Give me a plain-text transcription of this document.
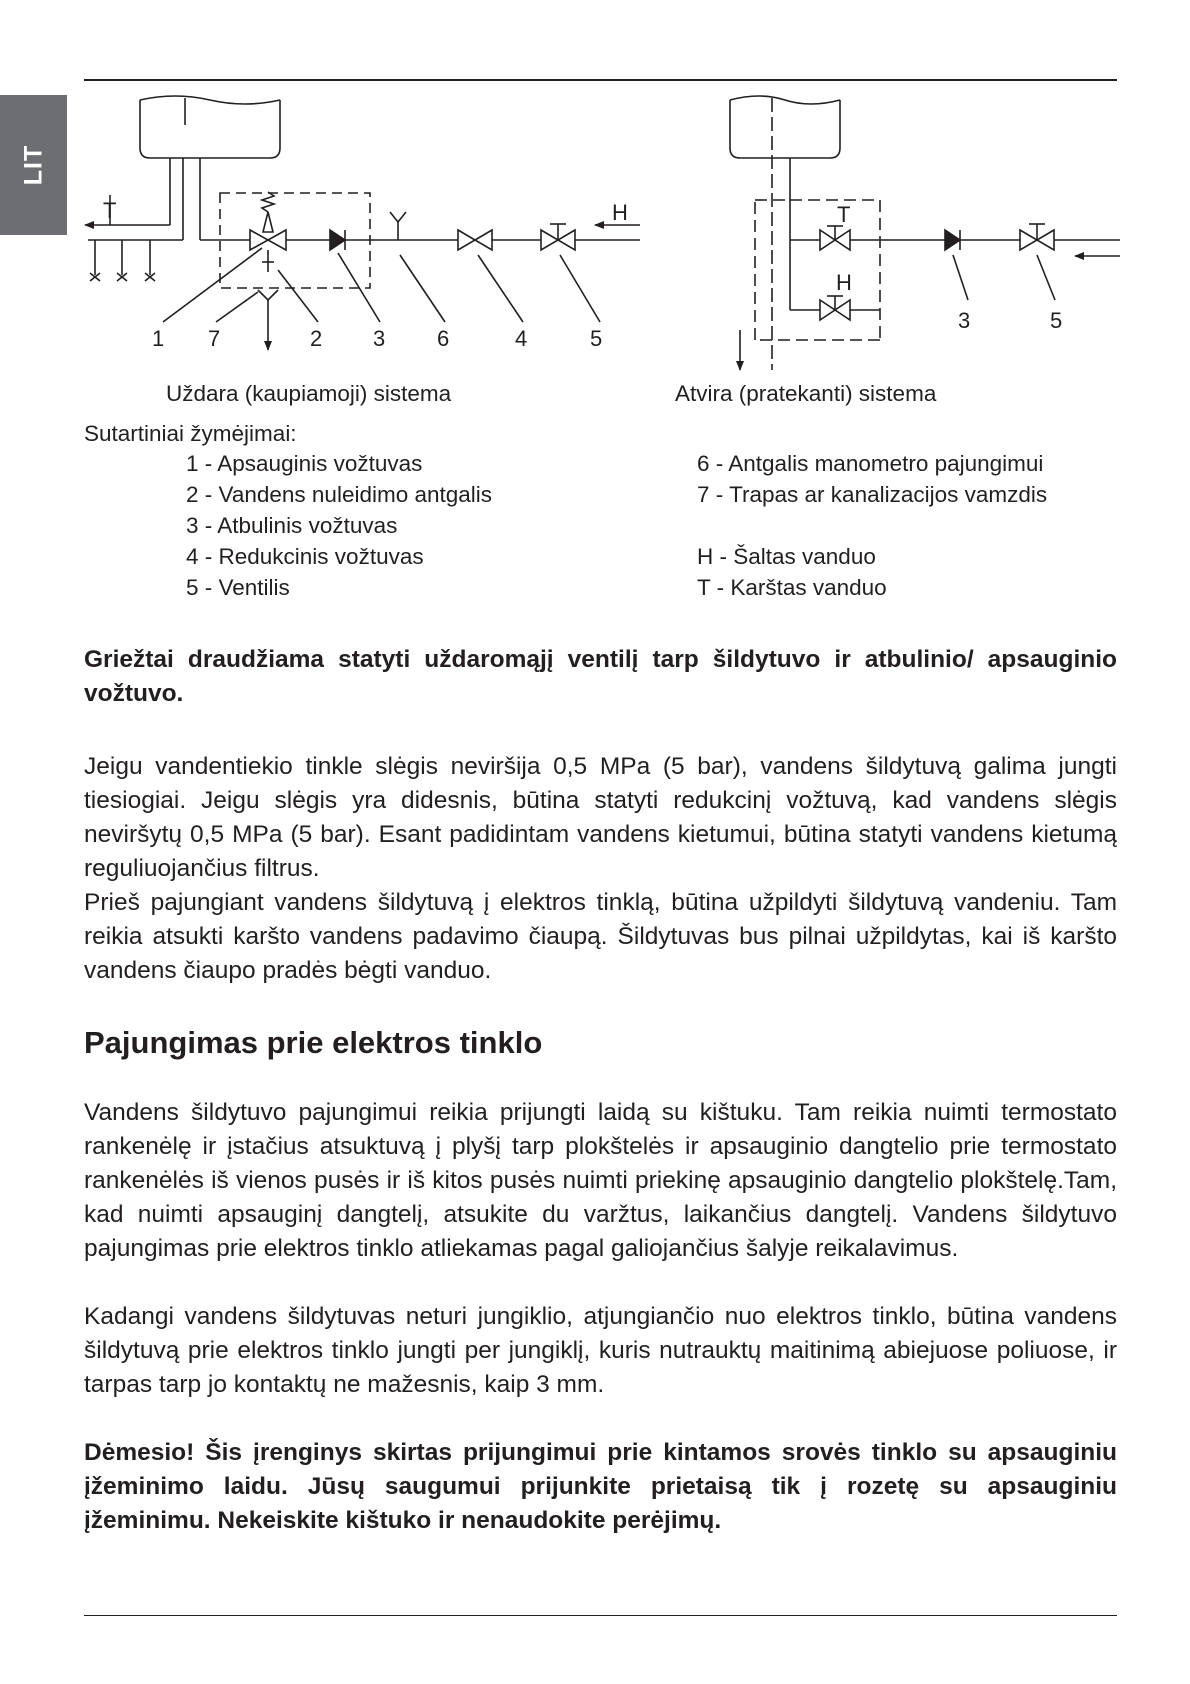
LIT
T	H
1 7	2 3 6	4	5
T
H
3	5
Uždara (kaupiamoji) sistema	Atvira (pratekanti) sistema
Sutartiniai žymėjimai:
1 - Apsauginis vožtuvas
2 - Vandens nuleidimo antgalis
3 - Atbulinis vožtuvas
4 - Redukcinis vožtuvas
5 - Ventilis
6 - Antgalis manometro pajungimui
7 - Trapas ar kanalizacijos vamzdis
H - Šaltas vanduo
T - Karštas vanduo
Griežtai draudžiama statyti uždaromąjį ventilį tarp šildytuvo ir atbulinio/ apsauginio vožtuvo.
Jeigu vandentiekio tinkle slėgis neviršija 0,5 MPa (5 bar), vandens šildytuvą galima jungti tiesiogiai. Jeigu slėgis yra didesnis, būtina statyti redukcinį vožtuvą, kad vandens slėgis neviršytų 0,5 MPa (5 bar). Esant padidintam vandens kietumui, būtina statyti vandens kietumą reguliuojančius filtrus.
Prieš pajungiant vandens šildytuvą į elektros tinklą, būtina užpildyti šildytuvą vandeniu. Tam reikia atsukti karšto vandens padavimo čiaupą. Šildytuvas bus pilnai užpildytas, kai iš karšto vandens čiaupo pradės bėgti vanduo.
Pajungimas prie elektros tinklo
Vandens šildytuvo pajungimui reikia prijungti laidą su kištuku. Tam reikia nuimti termostato rankenėlę ir įstačius atsuktuvą į plyšį tarp plokštelės ir apsauginio dangtelio prie termostato rankenėlės iš vienos pusės ir iš kitos pusės nuimti priekinę apsauginio dangtelio plokštelę.Tam, kad nuimti apsauginį dangtelį, atsukite du varžtus, laikančius dangtelį. Vandens šildytuvo pajungimas prie elektros tinklo atliekamas pagal galiojančius šalyje reikalavimus.
Kadangi vandens šildytuvas neturi jungiklio, atjungiančio nuo elektros tinklo, būtina vandens šildytuvą prie elektros tinklo jungti per jungiklį, kuris nutrauktų maitinimą abiejuose poliuose, ir tarpas tarp jo kontaktų ne mažesnis, kaip 3 mm.
Dėmesio! Šis įrenginys skirtas prijungimui prie kintamos srovės tinklo su apsauginiu įžeminimo laidu. Jūsų saugumui prijunkite prietaisą tik į rozetę su apsauginiu įžeminimu. Nekeiskite kištuko ir nenaudokite perėjimų.
